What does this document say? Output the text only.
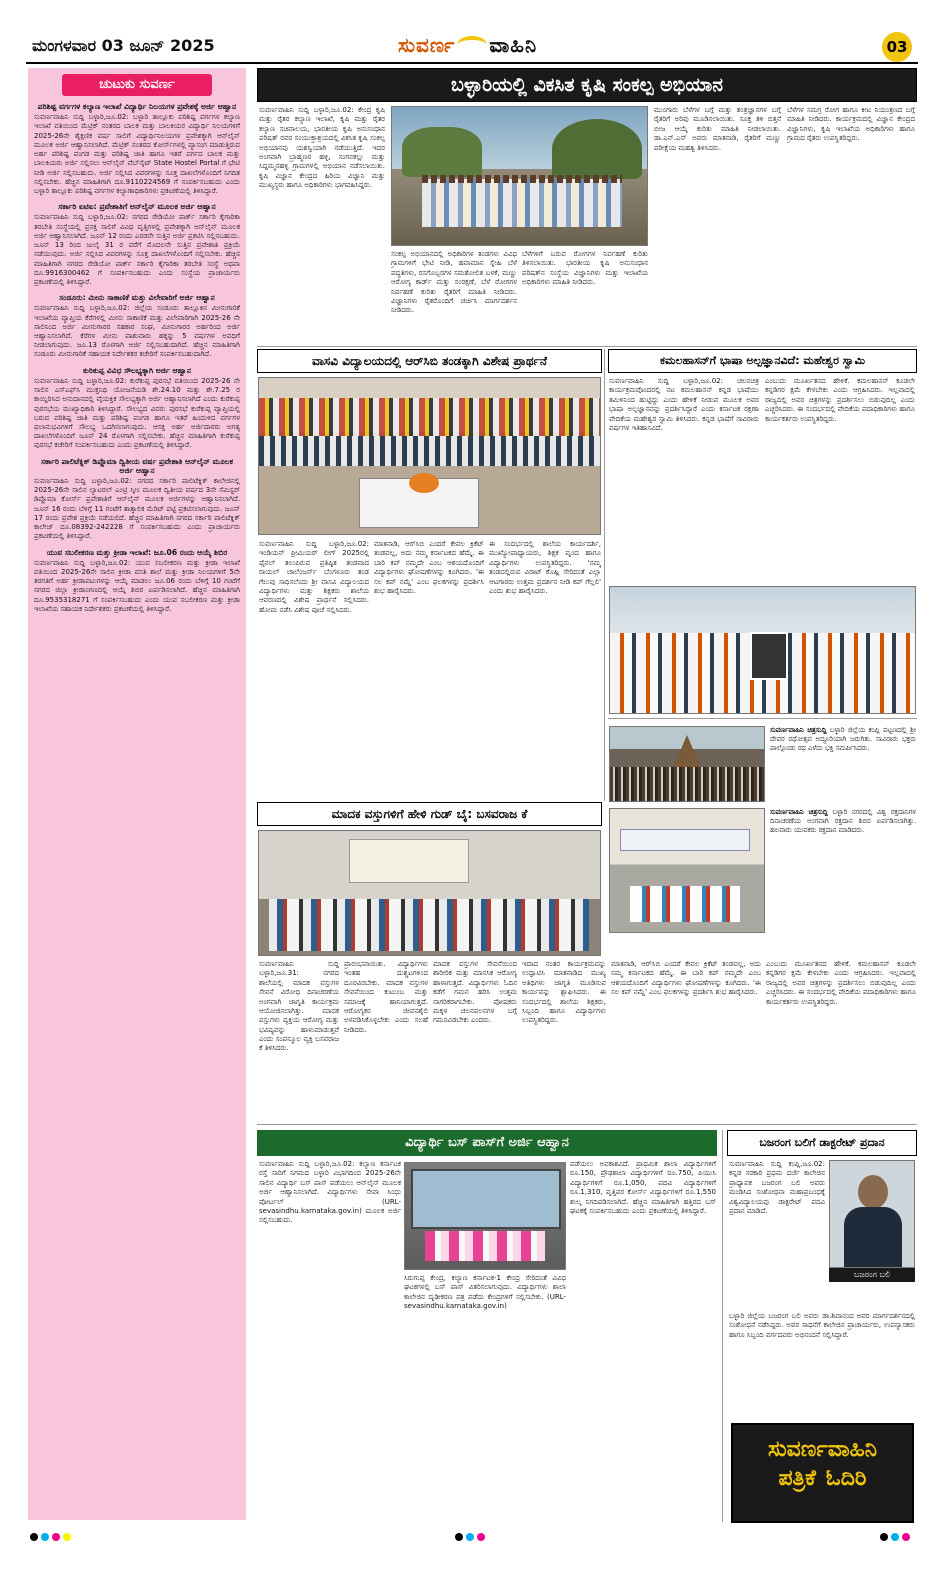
ಮಂಗಳವಾರ 03 ಜೂನ್ 2025	ಸುವರ್ಣ ವಾಹಿನಿ	03
ಚುಟುಕು ಸುವರ್ಣ
ಪರಿಶಿಷ್ಟ ವರ್ಗಗಳ ಕಲ್ಯಾಣ ಇಲಾಖೆ ವಿದ್ಯಾರ್ಥಿ ನಿಲಯಗಳ ಪ್ರವೇಶಕ್ಕೆ ಅರ್ಜಿ ಆಹ್ವಾನ
ಸುವರ್ಣವಾಹಿನಿ ಸುದ್ದಿ ಬಳ್ಳಾರಿ,ಜೂ.02: ಬಳ್ಳಾರಿ ತಾಲ್ಲೂಕು ಪರಿಶಿಷ್ಟ ವರ್ಗಗಳ ಕಲ್ಯಾಣ ಇಲಾಖೆ ವತಿಯಿಂದ ಮೆಟ್ರಿಕ್ ನಂತರದ ಬಾಲಕ ಮತ್ತು ಬಾಲಕಿಯರ ವಿದ್ಯಾರ್ಥಿ ನಿಲಯಗಳಿಗೆ 2025-26ನೇ ಶೈಕ್ಷಣಿಕ ವರ್ಷ ಸಾಲಿಗೆ ವಿದ್ಯಾರ್ಥಿನಿಲಯಗಳ ಪ್ರವೇಶಕ್ಕಾಗಿ ಆನ್‌ಲೈನ್ ಮೂಲಕ ಅರ್ಜಿ ಆಹ್ವಾನಿಸಲಾಗಿದೆ. ಮೆಟ್ರಿಕ್ ನಂತರದ ಕೋರ್ಸ್‌ಗಳಲ್ಲಿ ವ್ಯಾಸಂಗ ಮಾಡುತ್ತಿರುವ ಅರ್ಹ ಪರಿಶಿಷ್ಟ ಪಂಗಡ ಮತ್ತು ಪರಿಶಿಷ್ಟ ಜಾತಿ ಹಾಗೂ ಇತರೆ ವರ್ಗದ ಬಾಲಕ ಮತ್ತು ಬಾಲಕಿಯರು ಅರ್ಜಿ ಸಲ್ಲಿಸಲು ಆನ್‌ಲೈನ್ ವೆಬ್‌ಸೈಟ್ State Hostel Portal ಗೆ ಭೇಟಿ ನೀಡಿ ಅರ್ಜಿ ಸಲ್ಲಿಸಬಹುದು. ಅರ್ಜಿ ಸಲ್ಲಿಸಿದ ವಿವರಗಳನ್ನು ಸೂಕ್ತ ದಾಖಲೆಗಳೊಂದಿಗೆ ನಿಗದಿತ ಸಲ್ಲಿಸಬೇಕು. ಹೆಚ್ಚಿನ ಮಾಹಿತಿಗಾಗಿ ದೂ.9110224569 ಗೆ ಸಂಪರ್ಕಿಸಬಹುದು ಎಂದು ಬಳ್ಳಾರಿ ತಾಲ್ಲೂಕು ಪರಿಶಿಷ್ಟ ವರ್ಗಗಳ ಕಲ್ಯಾಣಾಧಿಕಾರಿಗಳು ಪ್ರಕಟಣೆಯಲ್ಲಿ ತಿಳಿಸಿದ್ದಾರೆ.
ಸರ್ಕಾರಿ ಐಟಿಐ: ಪ್ರವೇಶಾತಿಗೆ ಆನ್‌ಲೈನ್ ಮೂಲಕ ಅರ್ಜಿ ಆಹ್ವಾನ
ಸುವರ್ಣವಾಹಿನಿ ಸುದ್ದಿ ಬಳ್ಳಾರಿ,ಜೂ.02: ನಗರದ ರೇಡಿಯೋ ಪಾರ್ಕ್ ಸರ್ಕಾರಿ ಕೈಗಾರಿಕಾ ತರಬೇತಿ ಸಂಸ್ಥೆಯಲ್ಲಿ ಪ್ರಸಕ್ತ ಸಾಲಿಗೆ ವಿವಿಧ ವೃತ್ತಿಗಳಲ್ಲಿ ಪ್ರವೇಶಕ್ಕಾಗಿ ಆನ್‌ಲೈನ್ ಮೂಲಕ ಅರ್ಜಿ ಆಹ್ವಾನಿಸಲಾಗಿದೆ. ಜೂನ್ 12 ರಂದು ಎರಡನೇ ಸುತ್ತಿನ ಅರ್ಜಿ ಪ್ರಕಟಿಸಿ ಸಲ್ಲಿಸಬಹುದು. ಜೂನ್ 13 ರಿಂದ ಜುಲೈ 31 ರ ವರೆಗೆ ಮೊದಲನೇ ಸುತ್ತಿನ ಪ್ರವೇಶಾತಿ ಪ್ರಕ್ರಿಯೆ ನಡೆಯುವುದು. ಅರ್ಜಿ ಸಲ್ಲಿಸಿದ ವಿವರಗಳನ್ನು ಸೂಕ್ತ ದಾಖಲೆಗಳೊಂದಿಗೆ ಸಲ್ಲಿಸಬೇಕು. ಹೆಚ್ಚಿನ ಮಾಹಿತಿಗಾಗಿ ನಗರದ ರೇಡಿಯೋ ಪಾರ್ಕ್ ಸರ್ಕಾರಿ ಕೈಗಾರಿಕಾ ತರಬೇತಿ ಸಂಸ್ಥೆ ಅಥವಾ ದೂ.9916300462 ಗೆ ಸಂಪರ್ಕಿಸಬಹುದು ಎಂದು ಸಂಸ್ಥೆಯ ಪ್ರಾಚಾರ್ಯರು ಪ್ರಕಟಣೆಯಲ್ಲಿ ತಿಳಿಸಿದ್ದಾರೆ.
ಸಂಡೂರು: ಮೀನು ಸಾಕಾಣಿಕೆ ಮತ್ತು ವಿಲೇವಾರಿಗೆ ಅರ್ಜಿ ಆಹ್ವಾನ
ಸುವರ್ಣವಾಹಿನಿ ಸುದ್ದಿ ಬಳ್ಳಾರಿ,ಜೂ.02: ಜಿಲ್ಲೆಯ ಸಂಡೂರು ತಾಲ್ಲೂಕಿನ ಮೀನುಗಾರಿಕೆ ಇಲಾಖೆಯ ವ್ಯಾಪ್ತಿಯ ಕೆರೆಗಳಲ್ಲಿ ಮೀನು ಸಾಕಾಣಿಕೆ ಮತ್ತು ವಿಲೇವಾರಿಗಾಗಿ 2025-26 ನೇ ಸಾಲಿನಿಂದ ಅರ್ಜಿ ಮೀನುಗಾರರ ಸಹಕಾರ ಸಂಘ, ಮೀನುಗಾರರ ಅರ್ಹರಿಂದ ಅರ್ಜಿ ಆಹ್ವಾನಿಸಲಾಗಿದೆ. ಕೆರೆಗಳ ಮೀನು ಪಾಶುವಾರು ಹಕ್ಕನ್ನು 5 ವರ್ಷಗಳ ಅವಧಿಗೆ ನೀಡಲಾಗುವುದು. ಜೂ.13 ರೊಳಗಾಗಿ ಅರ್ಜಿ ಸಲ್ಲಿಸಬಹುದಾಗಿದೆ. ಹೆಚ್ಚಿನ ಮಾಹಿತಿಗಾಗಿ ಸಂಡೂರು ಮೀನುಗಾರಿಕೆ ಸಹಾಯಕ ನಿರ್ದೇಶಕರ ಕಚೇರಿಗೆ ಸಂಪರ್ಕಿಸಬಹುದಾಗಿದೆ.
ಕುರಿಕುಪ್ಪ ವಿವಿಧ ಸೌಲಭ್ಯಕ್ಕಾಗಿ ಅರ್ಜಿ ಆಹ್ವಾನ
ಸುವರ್ಣವಾಹಿನಿ ಸುದ್ದಿ ಬಳ್ಳಾರಿ,ಜೂ.02: ಕುರೆಕುಪ್ಪ ಪುರಸಭೆ ವತಿಯಿಂದ 2025-26 ನೇ ಸಾಲಿನ ಎಸ್‌ಎಫ್‌ಸಿ ಮುಕ್ತನಿಧಿ ಯೋಜನೆಯಡಿ ಶೇ.24.10 ಮತ್ತು ಶೇ.7.25 ರ ಕಾಯ್ದಿರಿಸಿದ ಅನುದಾನದಲ್ಲಿ ವೈಯಕ್ತಿಕ ಸೌಲಭ್ಯಕ್ಕಾಗಿ ಅರ್ಜಿ ಆಹ್ವಾನಿಸಲಾಗಿದೆ ಎಂದು ಕುರೆಕುಪ್ಪ ಪುರಸಭೆಯ ಮುಖ್ಯಾಧಿಕಾರಿ ತಿಳಿಸಿದ್ದಾರೆ. ಸೌಲಭ್ಯದ ವಿವರ: ಪುರಸಭೆ ಕುರೆಕುಪ್ಪ ವ್ಯಾಪ್ತಿಯಲ್ಲಿ ಬರುವ ಪರಿಶಿಷ್ಟ ಜಾತಿ ಮತ್ತು ಪರಿಶಿಷ್ಟ ಪಂಗಡ ಹಾಗೂ ಇತರೆ ಹಿಂದುಳಿದ ವರ್ಗಗಳ ಫಲಾನುಭವಿಗಳಿಗೆ ಸೌಲಭ್ಯ ಒದಗಿಸಲಾಗುವುದು. ಆಸಕ್ತ ಅರ್ಹ ಅರ್ಜಿದಾರರು ಅಗತ್ಯ ದಾಖಲೆಗಳೊಂದಿಗೆ ಜೂನ್ 24 ರೊಳಗಾಗಿ ಸಲ್ಲಿಸಬೇಕು. ಹೆಚ್ಚಿನ ಮಾಹಿತಿಗಾಗಿ ಕುರೆಕುಪ್ಪ ಪುರಸಭೆ ಕಚೇರಿಗೆ ಸಂಪರ್ಕಿಸಬಹುದು ಎಂದು ಪ್ರಕಟಣೆಯಲ್ಲಿ ತಿಳಿಸಿದ್ದಾರೆ.
ಸರ್ಕಾರಿ ಪಾಲಿಟೆಕ್ನಿಕ್ ಡಿಪ್ಲೊಮಾ ದ್ವಿತೀಯ ವರ್ಷ ಪ್ರವೇಶಾತಿ ಆನ್‌ಲೈನ್ ಮೂಲಕ ಅರ್ಜಿ ಆಹ್ವಾನ
ಸುವರ್ಣವಾಹಿನಿ ಸುದ್ದಿ ಬಳ್ಳಾರಿ,ಜೂ.02: ನಗರದ ಸರ್ಕಾರಿ ಪಾಲಿಟೆಕ್ನಿಕ್ ಕಾಲೇಜಿನಲ್ಲಿ 2025-26ನೇ ಸಾಲಿನ ಲ್ಯಾಟರಲ್ ಎಂಟ್ರಿ ಸ್ಕೀಂ ಮೂಲಕ ದ್ವಿತೀಯ ವರ್ಷದ 3ನೇ ಸೆಮಿಸ್ಟರ್ ಡಿಪ್ಲೊಮಾ ಕೋರ್ಸ್ ಪ್ರವೇಶಾತಿಗೆ ಆನ್‌ಲೈನ್ ಮೂಲಕ ಅರ್ಜಿಗಳನ್ನು ಆಹ್ವಾನಿಸಲಾಗಿದೆ. ಜೂನ್ 16 ರಂದು ಬೆಳಿಗ್ಗೆ 11 ಗಂಟೆಗೆ ತಾತ್ಕಾಲಿಕ ಮೆರಿಟ್ ಪಟ್ಟಿ ಪ್ರಕಟಿಸಲಾಗುವುದು. ಜೂನ್ 17 ರಂದು ಪ್ರವೇಶ ಪ್ರಕ್ರಿಯೆ ನಡೆಯಲಿದೆ. ಹೆಚ್ಚಿನ ಮಾಹಿತಿಗಾಗಿ ನಗರದ ಸರ್ಕಾರಿ ಪಾಲಿಟೆಕ್ನಿಕ್ ಕಾಲೇಜ್ ದೂ.08392-242228 ಗೆ ಸಂಪರ್ಕಿಸಬಹುದು ಎಂದು ಪ್ರಾಚಾರ್ಯರು ಪ್ರಕಟಣೆಯಲ್ಲಿ ತಿಳಿಸಿದ್ದಾರೆ.
ಯುವ ಸಬಲೀಕರಣ ಮತ್ತು ಕ್ರೀಡಾ ಇಲಾಖೆ: ಜೂ.06 ರಂದು ಆಯ್ಕೆ ಶಿಬಿರ
ಸುವರ್ಣವಾಹಿನಿ ಸುದ್ದಿ ಬಳ್ಳಾರಿ,ಜೂ.02: ಯುವ ಸಬಲೀಕರಣ ಮತ್ತು ಕ್ರೀಡಾ ಇಲಾಖೆ ವತಿಯಿಂದ 2025-26ನೇ ಸಾಲಿನ ಕ್ರೀಡಾ ವಸತಿ ಶಾಲೆ ಮತ್ತು ಕ್ರೀಡಾ ನಿಲಯಗಳಿಗೆ 5ನೇ ತರಗತಿಗೆ ಅರ್ಹ ಕ್ರೀಡಾಪಟುಗಳನ್ನು ಆಯ್ಕೆ ಮಾಡಲು ಜೂ.06 ರಂದು ಬೆಳಿಗ್ಗೆ 10 ಗಂಟೆಗೆ ನಗರದ ಜಿಲ್ಲಾ ಕ್ರೀಡಾಂಗಣದಲ್ಲಿ ಆಯ್ಕೆ ಶಿಬಿರ ಏರ್ಪಡಿಸಲಾಗಿದೆ. ಹೆಚ್ಚಿನ ಮಾಹಿತಿಗಾಗಿ ದೂ.9535318271 ಗೆ ಸಂಪರ್ಕಿಸಬಹುದು ಎಂದು ಯುವ ಸಬಲೀಕರಣ ಮತ್ತು ಕ್ರೀಡಾ ಇಲಾಖೆಯ ಸಹಾಯಕ ನಿರ್ದೇಶಕರು ಪ್ರಕಟಣೆಯಲ್ಲಿ ತಿಳಿಸಿದ್ದಾರೆ.
ಬಳ್ಳಾರಿಯಲ್ಲಿ ವಿಕಸಿತ ಕೃಷಿ ಸಂಕಲ್ಪ ಅಭಿಯಾನ
ಸುವರ್ಣವಾಹಿನಿ ಸುದ್ದಿ ಬಳ್ಳಾರಿ,ಜೂ.02: ಕೇಂದ್ರ ಕೃಷಿ ಮತ್ತು ರೈತರ ಕಲ್ಯಾಣ ಇಲಾಖೆ, ಕೃಷಿ ಮತ್ತು ರೈತರ ಕಲ್ಯಾಣ ಸಚಿವಾಲಯ, ಭಾರತೀಯ ಕೃಷಿ ಅನುಸಂಧಾನ ಪರಿಷತ್ ರವರ ಸಂಯುಕ್ತಾಶ್ರಯದಲ್ಲಿ ವಿಕಸಿತ ಕೃಷಿ ಸಂಕಲ್ಪ ಅಭಿಯಾನವು ಯಶಸ್ವಿಯಾಗಿ ನಡೆಯುತ್ತಿದೆ. ಇದರ ಅಂಗವಾಗಿ ಬ್ರಾಹ್ಮಣರ ಹಳ್ಳಿ, ಸಂಗನಕಲ್ಲು ಮತ್ತು ಸಿದ್ದಮ್ಮನಹಳ್ಳಿ ಗ್ರಾಮಗಳಲ್ಲಿ ಅಭಿಯಾನ ನಡೆಸಲಾಯಿತು. ಕೃಷಿ ವಿಜ್ಞಾನ ಕೇಂದ್ರದ ಹಿರಿಯ ವಿಜ್ಞಾನಿ ಮತ್ತು ಮುಖ್ಯಸ್ಥರು ಹಾಗೂ ಅಧಿಕಾರಿಗಳು ಭಾಗವಹಿಸಿದ್ದರು.
ಸಂಕಲ್ಪ ಅಭಿಯಾನದಲ್ಲಿ ಅಧಿಕಾರಿಗಳ ತಂಡಗಳು ವಿವಿಧ ಗ್ರಾಮಗಳಿಗೆ ಭೇಟಿ ನೀಡಿ, ಹವಾಮಾನ ಸ್ನೇಹಿ ಬೆಳೆ ಪದ್ಧತಿಗಳು, ರಸಗೊಬ್ಬರಗಳ ಸಮತೋಲಿತ ಬಳಕೆ, ಮಣ್ಣು ಆರೋಗ್ಯ ಕಾರ್ಡ್ ಮತ್ತು ಸಂರಕ್ಷಣೆ, ಬೆಳೆ ರೋಗಗಳ ನಿರ್ವಹಣೆ ಕುರಿತು ರೈತರಿಗೆ ಮಾಹಿತಿ ನೀಡಿದರು. ವಿಜ್ಞಾನಿಗಳು ರೈತರೊಂದಿಗೆ ಚರ್ಚಿಸಿ ಮಾರ್ಗದರ್ಶನ ನೀಡಿದರು.
ಬೆಳೆಗಳಿಗೆ ಬರುವ ರೋಗಗಳ ನಿರ್ವಹಣೆ ಕುರಿತು ತಿಳಿಸಲಾಯಿತು. ಭಾರತೀಯ ಕೃಷಿ ಅನುಸಂಧಾನ ಪರಿಷತ್‌ನ ಸಂಸ್ಥೆಯ ವಿಜ್ಞಾನಿಗಳು ಮತ್ತು ಇಲಾಖೆಯ ಅಧಿಕಾರಿಗಳು ಮಾಹಿತಿ ನೀಡಿದರು.
ಮುಂಗಾರು ಬೆಳೆಗಳ ಬಗ್ಗೆ ಮತ್ತು ತಂತ್ರಜ್ಞಾನಗಳ ಬಗ್ಗೆ ರೈತರಿಗೆ ಅರಿವು ಮೂಡಿಸಲಾಯಿತು. ಸೂಕ್ತ ತಳಿ ಬಿತ್ತನೆ ಬೀಜ ಆಯ್ಕೆ ಕುರಿತು ಮಾಹಿತಿ ನೀಡಲಾಯಿತು. ಡಾ.ಎನ್.ಎಸ್ ಅವರು ಮಾತನಾಡಿ, ರೈತರಿಗೆ ಮಣ್ಣು ಪರೀಕ್ಷೆಯ ಮಹತ್ವ ತಿಳಿಸಿದರು.
ಬೆಳೆಗಳ ಸಮಗ್ರ ರೋಗ ಹಾಗೂ ಕೀಟ ನಿಯಂತ್ರಣದ ಬಗ್ಗೆ ಮಾಹಿತಿ ನೀಡಿದರು. ಕಾರ್ಯಕ್ರಮದಲ್ಲಿ ವಿಜ್ಞಾನ ಕೇಂದ್ರದ ವಿಜ್ಞಾನಿಗಳು, ಕೃಷಿ ಇಲಾಖೆಯ ಅಧಿಕಾರಿಗಳು ಹಾಗೂ ಗ್ರಾಮದ ರೈತರು ಉಪಸ್ಥಿತರಿದ್ದರು.
ವಾಸವಿ ವಿದ್ಯಾಲಯದಲ್ಲಿ ಆರ್‌ಸಿಬಿ ತಂಡಕ್ಕಾಗಿ ವಿಶೇಷ ಪ್ರಾರ್ಥನೆ
ಸುವರ್ಣವಾಹಿನಿ ಸುದ್ದಿ ಬಳ್ಳಾರಿ,ಜೂ.02: ಇಂಡಿಯನ್ ಪ್ರೀಮಿಯರ್ ಲೀಗ್ 2025ರಲ್ಲಿ ಫೈನಲ್ ತಲುಪಿರುವ ಪ್ರತಿಷ್ಠಿತ ತಂಡವಾದ ರಾಯಲ್ ಚಾಲೆಂಜರ್ಸ್ ಬೆಂಗಳೂರು ತಂಡ ಗೆಲುವು ಸಾಧಿಸಲೆಂದು ಶ್ರೀ ವಾಸವಿ ವಿದ್ಯಾಲಯದ ವಿದ್ಯಾರ್ಥಿಗಳು ಮತ್ತು ಶಿಕ್ಷಕರು ಶಾಲೆಯ ಆವರಣದಲ್ಲಿ ವಿಶೇಷ ಪ್ರಾರ್ಥನೆ ಸಲ್ಲಿಸಿದರು. ಹೋಮ ನಡೆಸಿ ವಿಶೇಷ ಪೂಜೆ ಸಲ್ಲಿಸಿದರು.
ಮಾತನಾಡಿ, ಆರ್‌ಸಿಬಿ ಎಂದರೆ ಕೇವಲ ಕ್ರಿಕೆಟ್ ತಂಡವಲ್ಲ, ಅದು ನಮ್ಮ ಕರ್ನಾಟಕದ ಹೆಮ್ಮೆ. ಈ ಬಾರಿ ಕಪ್ ನಮ್ಮದೇ ಎಂಬ ಆಶಯದೊಂದಿಗೆ ವಿದ್ಯಾರ್ಥಿಗಳು ಘೋಷಣೆಗಳನ್ನು ಕೂಗಿದರು. 'ಈ ಸಲ ಕಪ್ ನಮ್ದೆ' ಎಂಬ ಫಲಕಗಳನ್ನು ಪ್ರದರ್ಶಿಸಿ ಶುಭ ಹಾರೈಸಿದರು.
ಈ ಸಂದರ್ಭದಲ್ಲಿ ಶಾಲೆಯ ಕಾರ್ಯದರ್ಶಿ, ಮುಖ್ಯೋಪಾಧ್ಯಾಯರು, ಶಿಕ್ಷಕ ವೃಂದ ಹಾಗೂ ವಿದ್ಯಾರ್ಥಿಗಳು ಉಪಸ್ಥಿತರಿದ್ದರು. 'ನಮ್ಮ ತಂಡದಲ್ಲಿರುವ ವಿರಾಟ್ ಕೊಹ್ಲಿ ಸೇರಿದಂತೆ ಎಲ್ಲಾ ಆಟಗಾರರು ಉತ್ತಮ ಪ್ರದರ್ಶನ ನೀಡಿ ಕಪ್ ಗೆಲ್ಲಲಿ' ಎಂದು ಶುಭ ಹಾರೈಸಿದರು.
ಕಮಲಹಾಸನ್‌ಗೆ ಭಾಷಾ ಅಲ್ಪಜ್ಞಾನವಿದೆ: ಮಹೇಶ್ವರ ಸ್ವಾಮಿ
ಸುವರ್ಣವಾಹಿನಿ ಸುದ್ದಿ ಬಳ್ಳಾರಿ,ಜೂ.02: ಚಲನಚಿತ್ರ ಕಾರ್ಯಕ್ರಮವೊಂದರಲ್ಲಿ ನಟ ಕಮಲಹಾಸನ್ ಕನ್ನಡ ಭಾಷೆಯು ತಮಿಳಿನಿಂದ ಹುಟ್ಟಿದ್ದು ಎಂದು ಹೇಳಿಕೆ ನೀಡುವ ಮೂಲಕ ಅವರ ಭಾಷಾ ಅಲ್ಪಜ್ಞಾನವನ್ನು ಪ್ರದರ್ಶಿಸಿದ್ದಾರೆ ಎಂದು ಕರ್ನಾಟಕ ರಕ್ಷಣಾ ವೇದಿಕೆಯ ಮಹೇಶ್ವರ ಸ್ವಾಮಿ ತಿಳಿಸಿದರು. ಕನ್ನಡ ಭಾಷೆಗೆ ಸಾವಿರಾರು ವರ್ಷಗಳ ಇತಿಹಾಸವಿದೆ.
ಎಂಬುದು ಮೂರ್ಖತನದ ಹೇಳಿಕೆ. ಕಮಲಹಾಸನ್ ಕೂಡಲೇ ಕನ್ನಡಿಗರ ಕ್ಷಮೆ ಕೇಳಬೇಕು ಎಂದು ಆಗ್ರಹಿಸಿದರು. ಇಲ್ಲವಾದಲ್ಲಿ ರಾಜ್ಯದಲ್ಲಿ ಅವರ ಚಿತ್ರಗಳನ್ನು ಪ್ರದರ್ಶಿಸಲು ಬಿಡುವುದಿಲ್ಲ ಎಂದು ಎಚ್ಚರಿಸಿದರು. ಈ ಸಂದರ್ಭದಲ್ಲಿ ವೇದಿಕೆಯ ಪದಾಧಿಕಾರಿಗಳು ಹಾಗೂ ಕಾರ್ಯಕರ್ತರು ಉಪಸ್ಥಿತರಿದ್ದರು.
ಸುವರ್ಣವಾಹಿನಿ ಚಿತ್ರಸುದ್ದಿ ಬಳ್ಳಾರಿ ಜಿಲ್ಲೆಯ ಕಂಪ್ಲಿ ಪಟ್ಟಣದಲ್ಲಿ ಶ್ರೀ ದೇವರ ರಥೋತ್ಸವ ಅದ್ದೂರಿಯಾಗಿ ಜರುಗಿತು. ಸಾವಿರಾರು ಭಕ್ತರು ಪಾಲ್ಗೊಂಡು ರಥ ಎಳೆದು ಭಕ್ತಿ ಸಮರ್ಪಿಸಿದರು.
ಸುವರ್ಣವಾಹಿನಿ ಚಿತ್ರಸುದ್ದಿ ಬಳ್ಳಾರಿ ನಗರದಲ್ಲಿ ವಿಶ್ವ ರಕ್ತದಾನಿಗಳ ದಿನಾಚರಣೆಯ ಅಂಗವಾಗಿ ರಕ್ತದಾನ ಶಿಬಿರ ಏರ್ಪಡಿಸಲಾಗಿತ್ತು. ಹಲವಾರು ಯುವಕರು ರಕ್ತದಾನ ಮಾಡಿದರು.
ಮಾದಕ ವಸ್ತುಗಳಿಗೆ ಹೇಳಿ ಗುಡ್ ಬೈ: ಬಸವರಾಜ ಕೆ
ಸುವರ್ಣವಾಹಿನಿ ಸುದ್ದಿ ಬಳ್ಳಾರಿ,ಜೂ.31: ನಗರದ ಶಾಲೆಯಲ್ಲಿ ಮಾದಕ ವಸ್ತುಗಳ ಸೇವನೆ ವಿರೋಧಿ ದಿನಾಚರಣೆಯ ಅಂಗವಾಗಿ ಜಾಗೃತಿ ಕಾರ್ಯಕ್ರಮ ಆಯೋಜಿಸಲಾಗಿತ್ತು. ಮಾದಕ ವಸ್ತುಗಳು ವ್ಯಕ್ತಿಯ ಆರೋಗ್ಯ ಮತ್ತು ಭವಿಷ್ಯವನ್ನು ಹಾಳುಮಾಡುತ್ತವೆ ಎಂದು ಸಂಪನ್ಮೂಲ ವ್ಯಕ್ತಿ ಬಸವರಾಜ ಕೆ ತಿಳಿಸಿದರು.
ಪ್ರಾರಂಭವಾಯಿತು. ವಿದ್ಯಾರ್ಥಿಗಳು ಇಂತಹ ದುಶ್ಚಟಗಳಿಂದ ದೂರವಿರಬೇಕು. ಮಾದಕ ವಸ್ತುಗಳ ಸೇವನೆಯಿಂದ ಕುಟುಂಬ ಮತ್ತು ಸಮಾಜಕ್ಕೆ ಹಾನಿಯಾಗುತ್ತದೆ. ಆರೋಗ್ಯಕರ ಜೀವನಶೈಲಿ ಅಳವಡಿಸಿಕೊಳ್ಳಬೇಕು ಎಂದು ಸಲಹೆ ನೀಡಿದರು.
ಮಾದಕ ವಸ್ತುಗಳ ಸೇವನೆಯಿಂದ ಶಾರೀರಿಕ ಮತ್ತು ಮಾನಸಿಕ ಆರೋಗ್ಯ ಹಾಳಾಗುತ್ತದೆ. ವಿದ್ಯಾರ್ಥಿಗಳು ಓದಿನ ಕಡೆಗೆ ಗಮನ ಹರಿಸಿ ಉತ್ತಮ ನಾಗರಿಕರಾಗಬೇಕು. ಪೋಷಕರು ಮಕ್ಕಳ ಚಲನವಲನಗಳ ಬಗ್ಗೆ ಗಮನವಿಡಬೇಕು ಎಂದರು.
ಇದಾದ ನಂತರ ಕಾರ್ಯಕ್ರಮವನ್ನು ಉದ್ಘಾಟಿಸಿ ಮಾತನಾಡಿದ ಮುಖ್ಯ ಅತಿಥಿಗಳು ಜಾಗೃತಿ ಮೂಡಿಸುವ ಕಾರ್ಯವನ್ನು ಶ್ಲಾಘಿಸಿದರು. ಈ ಸಂದರ್ಭದಲ್ಲಿ ಶಾಲೆಯ ಶಿಕ್ಷಕರು, ಸಿಬ್ಬಂದಿ ಹಾಗೂ ವಿದ್ಯಾರ್ಥಿಗಳು ಉಪಸ್ಥಿತರಿದ್ದರು.
ಮಾತನಾಡಿ, ಆರ್‌ಸಿಬಿ ಎಂದರೆ ಕೇವಲ ಕ್ರಿಕೆಟ್ ತಂಡವಲ್ಲ, ಅದು ನಮ್ಮ ಕರ್ನಾಟಕದ ಹೆಮ್ಮೆ. ಈ ಬಾರಿ ಕಪ್ ನಮ್ಮದೇ ಎಂಬ ಆಶಯದೊಂದಿಗೆ ವಿದ್ಯಾರ್ಥಿಗಳು ಘೋಷಣೆಗಳನ್ನು ಕೂಗಿದರು. 'ಈ ಸಲ ಕಪ್ ನಮ್ದೆ' ಎಂಬ ಫಲಕಗಳನ್ನು ಪ್ರದರ್ಶಿಸಿ ಶುಭ ಹಾರೈಸಿದರು.
ಎಂಬುದು ಮೂರ್ಖತನದ ಹೇಳಿಕೆ. ಕಮಲಹಾಸನ್ ಕೂಡಲೇ ಕನ್ನಡಿಗರ ಕ್ಷಮೆ ಕೇಳಬೇಕು ಎಂದು ಆಗ್ರಹಿಸಿದರು. ಇಲ್ಲವಾದಲ್ಲಿ ರಾಜ್ಯದಲ್ಲಿ ಅವರ ಚಿತ್ರಗಳನ್ನು ಪ್ರದರ್ಶಿಸಲು ಬಿಡುವುದಿಲ್ಲ ಎಂದು ಎಚ್ಚರಿಸಿದರು. ಈ ಸಂದರ್ಭದಲ್ಲಿ ವೇದಿಕೆಯ ಪದಾಧಿಕಾರಿಗಳು ಹಾಗೂ ಕಾರ್ಯಕರ್ತರು ಉಪಸ್ಥಿತರಿದ್ದರು.
ವಿದ್ಯಾರ್ಥಿ ಬಸ್ ಪಾಸ್‌ಗೆ ಅರ್ಜಿ ಆಹ್ವಾನ
ಸುವರ್ಣವಾಹಿನಿ ಸುದ್ದಿ ಬಳ್ಳಾರಿ,ಜೂ.02: ಕಲ್ಯಾಣ ಕರ್ನಾಟಕ ರಸ್ತೆ ಸಾರಿಗೆ ನಿಗಮದ ಬಳ್ಳಾರಿ ವಿಭಾಗದಿಂದ 2025-26ನೇ ಸಾಲಿನ ವಿದ್ಯಾರ್ಥಿ ಬಸ್ ಪಾಸ್ ಪಡೆಯಲು ಆನ್‌ಲೈನ್ ಮೂಲಕ ಅರ್ಜಿ ಆಹ್ವಾನಿಸಲಾಗಿದೆ. ವಿದ್ಯಾರ್ಥಿಗಳು ಸೇವಾ ಸಿಂಧು ಪೋರ್ಟಲ್ (URL-sevasindhu.karnataka.gov.in) ಮೂಲಕ ಅರ್ಜಿ ಸಲ್ಲಿಸಬಹುದು.
ಸಿರುಗುಪ್ಪ ಕೇಂದ್ರ, ಕಲ್ಯಾಣ ಕರ್ನಾಟಕ-1 ಕೇಂದ್ರ ಸೇರಿದಂತೆ ವಿವಿಧ ಘಟಕಗಳಲ್ಲಿ ಬಸ್ ಪಾಸ್ ವಿತರಿಸಲಾಗುವುದು. ವಿದ್ಯಾರ್ಥಿಗಳು ಶಾಲಾ ಕಾಲೇಜಿನ ದೃಢೀಕರಣ ಪತ್ರ ಪಡೆದು ಕೇಂದ್ರಗಳಿಗೆ ಸಲ್ಲಿಸಬೇಕು. (URL-sevasindhu.karnataka.gov.in)
ಪಡೆಯಲು ಅವಕಾಶವಿದೆ. ಪ್ರಾಥಮಿಕ ಶಾಲಾ ವಿದ್ಯಾರ್ಥಿಗಳಿಗೆ ರೂ.150, ಪ್ರೌಢಶಾಲಾ ವಿದ್ಯಾರ್ಥಿಗಳಿಗೆ ರೂ.750, ಪಿಯುಸಿ ವಿದ್ಯಾರ್ಥಿಗಳಿಗೆ ರೂ.1,050, ಪದವಿ ವಿದ್ಯಾರ್ಥಿಗಳಿಗೆ ರೂ.1,310, ವೃತ್ತಿಪರ ಕೋರ್ಸ್ ವಿದ್ಯಾರ್ಥಿಗಳಿಗೆ ರೂ.1,550 ಶುಲ್ಕ ನಿಗದಿಪಡಿಸಲಾಗಿದೆ. ಹೆಚ್ಚಿನ ಮಾಹಿತಿಗಾಗಿ ಹತ್ತಿರದ ಬಸ್ ಘಟಕಕ್ಕೆ ಸಂಪರ್ಕಿಸಬಹುದು ಎಂದು ಪ್ರಕಟಣೆಯಲ್ಲಿ ತಿಳಿಸಿದ್ದಾರೆ.
ಬಜರಂಗ ಬಲಿಗೆ ಡಾಕ್ಟರೇಟ್ ಪ್ರದಾನ
ಸುವರ್ಣವಾಹಿನಿ ಸುದ್ದಿ ಕಂಪ್ಲಿ,ಜೂ.02: ಕನ್ನಡ ಸರಕಾರಿ ಪ್ರಥಮ ದರ್ಜೆ ಕಾಲೇಜಿನ ಪ್ರಾಧ್ಯಾಪಕ ಬಜರಂಗ ಬಲಿ ಅವರು ಮಂಡಿಸಿದ ಸಂಶೋಧನಾ ಮಹಾಪ್ರಬಂಧಕ್ಕೆ ವಿಶ್ವವಿದ್ಯಾಲಯವು ಡಾಕ್ಟರೇಟ್ ಪದವಿ ಪ್ರದಾನ ಮಾಡಿದೆ.
ಬಜರಂಗ ಬಲಿ
ಬಳ್ಳಾರಿ ಜಿಲ್ಲೆಯ ಬಜರಂಗ ಬಲಿ ಅವರು ಡಾ.ಶಿವಾನಂದ ಅವರ ಮಾರ್ಗದರ್ಶನದಲ್ಲಿ ಸಂಶೋಧನೆ ನಡೆಸಿದ್ದರು. ಅವರ ಸಾಧನೆಗೆ ಕಾಲೇಜಿನ ಪ್ರಾಚಾರ್ಯರು, ಉಪನ್ಯಾಸಕರು ಹಾಗೂ ಸಿಬ್ಬಂದಿ ವರ್ಗದವರು ಅಭಿನಂದನೆ ಸಲ್ಲಿಸಿದ್ದಾರೆ.
ಸುವರ್ಣವಾಹಿನಿ
ಪತ್ರಿಕೆ ಓದಿರಿ
